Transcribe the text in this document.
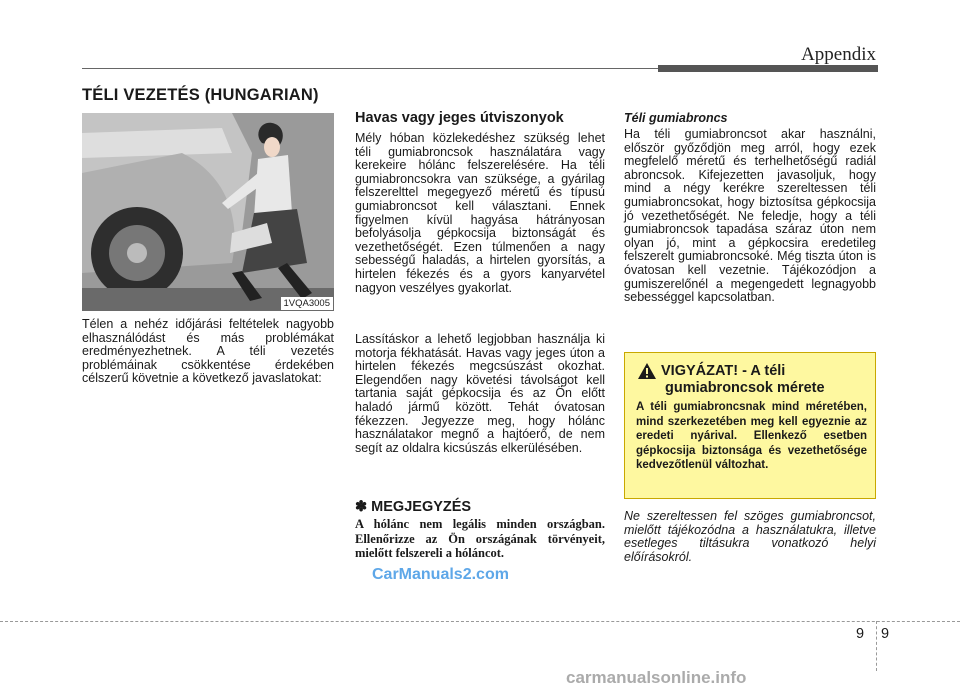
Appendix
TÉLI VEZETÉS (HUNGARIAN)
1VQA3005

Télen a nehéz időjárási feltételek nagyobb elhasználódást és más problémákat eredményezhetnek. A téli vezetés problémáinak csökkentése érdekében célszerű követnie a következő javaslatokat:

Havas vagy jeges útviszonyok

Mély hóban közlekedéshez szükség lehet téli gumiabroncsok használatára vagy kerekeire hólánc felszerelésére. Ha téli gumiabroncsokra van szüksége, a gyárilag felszerelttel megegyező méretű és típusú gumiabroncsot kell választani. Ennek figyelmen kívül hagyása hátrányosan befolyásolja gépkocsija biztonságát és vezethetőségét. Ezen túlmenően a nagy sebességű haladás, a hirtelen gyorsítás, a hirtelen fékezés és a gyors kanyarvétel nagyon veszélyes gyakorlat.

Lassításkor a lehető legjobban használja ki motorja fékhatását. Havas vagy jeges úton a hirtelen fékezés megcsúszást okozhat. Elegendően nagy követési távolságot kell tartania saját gépkocsija és az Ön előtt haladó jármű között. Tehát óvatosan fékezzen. Jegyezze meg, hogy hólánc használatakor megnő a hajtóerő, de nem segít az oldalra kicsúszás elkerülésében.

✽ MEGJEGYZÉS
A hólánc nem legális minden országban. Ellenőrizze az Ön országának törvényeit, mielőtt felszereli a hóláncot.
Téli gumiabroncs

Ha téli gumiabroncsot akar használni, először győződjön meg arról, hogy ezek megfelelő méretű és terhelhetőségű radiál abroncsok. Kifejezetten javasoljuk, hogy mind a négy kerékre szereltessen téli gumiabroncsokat, hogy biztosítsa gépkocsija jó vezethetőségét. Ne feledje, hogy a téli gumiabroncsok tapadása száraz úton nem olyan jó, mint a gépkocsira eredetileg felszerelt gumiabroncsoké. Még tiszta úton is óvatosan kell vezetnie. Tájékozódjon a gumiszerelőnél a megengedett legnagyobb sebességgel kapcsolatban.

VIGYÁZAT! - A téli
gumiabroncsok mérete
A téli gumiabroncsnak mind méretében, mind szerkezetében meg kell egyeznie az eredeti nyárival. Ellenkező esetben gépkocsija biztonsága és vezethetősége kedvezőtlenül változhat.

Ne szereltessen fel szöges gumiabroncsot, mielőtt tájékozódna a használatukra, illetve esetleges tiltásukra vonatkozó helyi előírásokról.

CarManuals2.com
9 9
carmanualsonline.info
